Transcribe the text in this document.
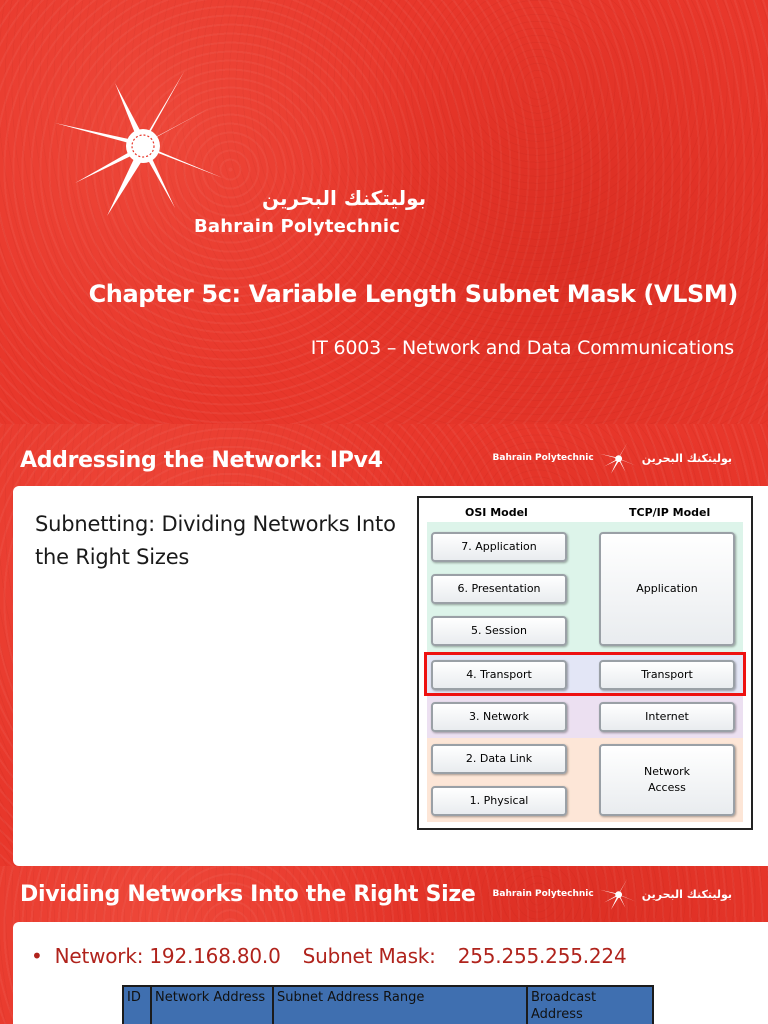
بوليتكنك البحرين
Bahrain Polytechnic
Chapter 5c: Variable Length Subnet Mask (VLSM)
IT 6003 – Network and Data Communications
Addressing the Network: IPv4	Bahrain Polytechnic	بوليتكنك البحرين
Subnetting: Dividing Networks Into the Right Sizes
OSI Model	TCP/IP Model
7. Application
6. Presentation
5. Session
4. Transport
3. Network
2. Data Link
1. Physical
Application
Transport
Internet
Network Access
Dividing Networks Into the Right Size Bahrain Polytechnic	بوليتكنك البحرين
• Network: 192.168.80.0 Subnet Mask: 255.255.255.224
ID	Network Address	Subnet Address Range	Broadcast Address
